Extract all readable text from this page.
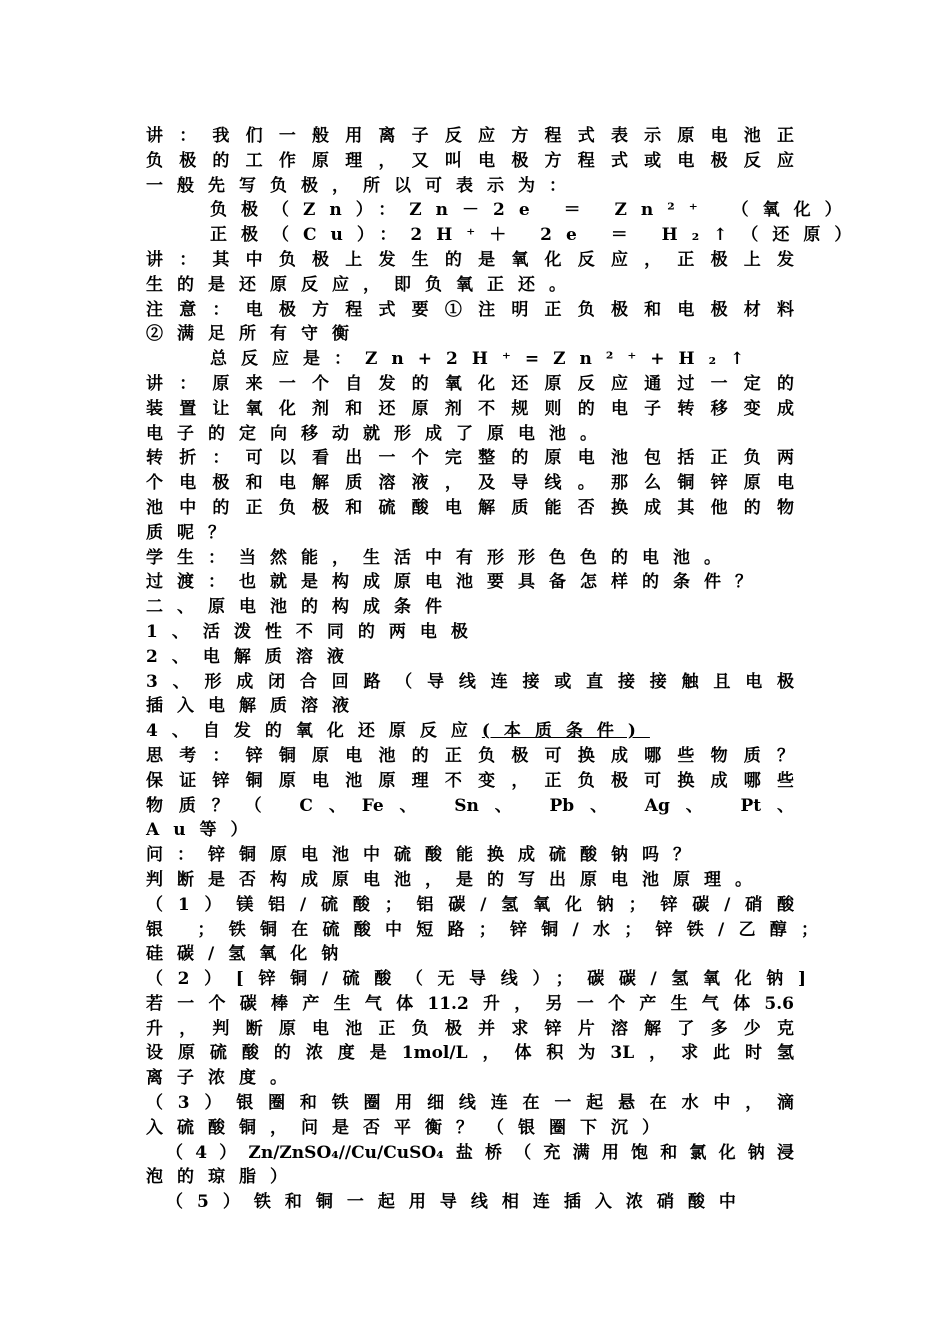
讲：我们一般用离子反应方程式表示原电池正
负极的工作原理，又叫电极方程式或电极反应
一般先写负极，所以可表示为：
负极（Zn）：Zn－2e ＝ Zn²⁺ （氧化）
正极（Cu）：2H⁺＋ 2e ＝ H₂↑（还原）
讲：其中负极上发生的是氧化反应，正极上发
生的是还原反应，即负氧正还。
注意：电极方程式要①注明正负极和电极材料
②满足所有守衡
总反应是：Zn+2H⁺=Zn²⁺+H₂↑
讲：原来一个自发的氧化还原反应通过一定的
装置让氧化剂和还原剂不规则的电子转移变成
电子的定向移动就形成了原电池。
转折：可以看出一个完整的原电池包括正负两
个电极和电解质溶液，及导线。那么铜锌原电
池中的正负极和硫酸电解质能否换成其他的物
质呢？
学生：当然能，生活中有形形色色的电池。
过渡：也就是构成原电池要具备怎样的条件？
二、原电池的构成条件
1、活泼性不同的两电极
2、电解质溶液
3、形成闭合回路（导线连接或直接接触且电极
插入电解质溶液
4、自发的氧化还原反应(本质条件)
思考：锌铜原电池的正负极可换成哪些物质？
保证锌铜原电池原理不变，正负极可换成哪些
物质？（ C、Fe、 Sn、 Pb、 Ag、 Pt、
Au等）
问：锌铜原电池中硫酸能换成硫酸钠吗？
判断是否构成原电池，是的写出原电池原理。
（1）镁铝/硫酸；铝碳/氢氧化钠；锌碳/硝酸
银 ；铁铜在硫酸中短路；锌铜/水；锌铁/乙醇；
硅碳/氢氧化钠
（2）[锌铜/硫酸（无导线）；碳碳/氢氧化钠]
若一个碳棒产生气体11.2升，另一个产生气体5.6
升，判断原电池正负极并求锌片溶解了多少克
设原硫酸的浓度是1mol/L，体积为3L，求此时氢
离子浓度。
（3）银圈和铁圈用细线连在一起悬在水中，滴
入硫酸铜，问是否平衡？（银圈下沉）
（4）Zn/ZnSO₄//Cu/CuSO₄盐桥（充满用饱和氯化钠浸
泡的琼脂）
（5）铁和铜一起用导线相连插入浓硝酸中
